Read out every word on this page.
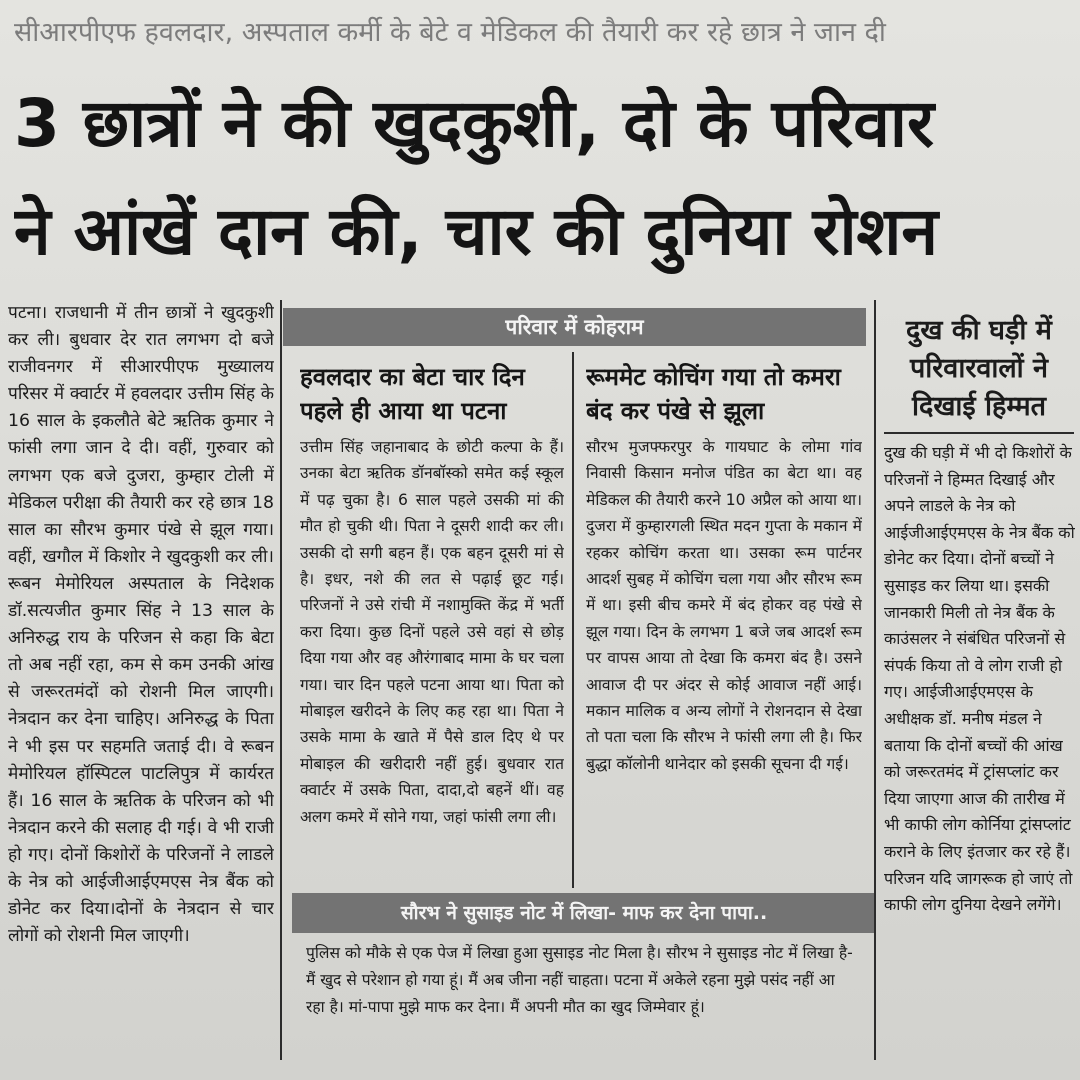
सीआरपीएफ हवलदार, अस्पताल कर्मी के बेटे व मेडिकल की तैयारी कर रहे छात्र ने जान दी
3 छात्रों ने की खुदकुशी, दो के परिवार
ने आंखें दान की, चार की दुनिया रोशन
पटना। राजधानी में तीन छात्रों ने खुदकुशी कर ली। बुधवार देर रात लगभग दो बजे राजीवनगर में सीआरपीएफ मुख्यालय परिसर में क्वार्टर में हवलदार उत्तीम सिंह के 16 साल के इकलौते बेटे ऋतिक कुमार ने फांसी लगा जान दे दी। वहीं, गुरुवार को लगभग एक बजे दुजरा, कुम्हार टोली में मेडिकल परीक्षा की तैयारी कर रहे छात्र 18 साल का सौरभ कुमार पंखे से झूल गया। वहीं, खगौल में किशोर ने खुदकुशी कर ली। रूबन मेमोरियल अस्पताल के निदेशक डॉ.सत्यजीत कुमार सिंह ने 13 साल के अनिरुद्ध राय के परिजन से कहा कि बेटा तो अब नहीं रहा, कम से कम उनकी आंख से जरूरतमंदों को रोशनी मिल जाएगी। नेत्रदान कर देना चाहिए। अनिरुद्ध के पिता ने भी इस पर सहमति जताई दी। वे रूबन मेमोरियल हॉस्पिटल पाटलिपुत्र में कार्यरत हैं। 16 साल के ऋतिक के परिजन को भी नेत्रदान करने की सलाह दी गई। वे भी राजी हो गए। दोनों किशोरों के परिजनों ने लाडले के नेत्र को आईजीआईएमएस नेत्र बैंक को डोनेट कर दिया।दोनों के नेत्रदान से चार लोगों को रोशनी मिल जाएगी।
परिवार में कोहराम
हवलदार का बेटा चार दिन पहले ही आया था पटना
उत्तीम सिंह जहानाबाद के छोटी कल्पा के हैं। उनका बेटा ऋतिक डॉनबॉस्को समेत कई स्कूल में पढ़ चुका है। 6 साल पहले उसकी मां की मौत हो चुकी थी। पिता ने दूसरी शादी कर ली। उसकी दो सगी बहन हैं। एक बहन दूसरी मां से है। इधर, नशे की लत से पढ़ाई छूट गई। परिजनों ने उसे रांची में नशामुक्ति केंद्र में भर्ती करा दिया। कुछ दिनों पहले उसे वहां से छोड़ दिया गया और वह औरंगाबाद मामा के घर चला गया। चार दिन पहले पटना आया था। पिता को मोबाइल खरीदने के लिए कह रहा था। पिता ने उसके मामा के खाते में पैसे डाल दिए थे पर मोबाइल की खरीदारी नहीं हुई। बुधवार रात क्वार्टर में उसके पिता, दादा,दो बहनें थीं। वह अलग कमरे में सोने गया, जहां फांसी लगा ली।
रूममेट कोचिंग गया तो कमरा बंद कर पंखे से झूला
सौरभ मुजफ्फरपुर के गायघाट के लोमा गांव निवासी किसान मनोज पंडित का बेटा था। वह मेडिकल की तैयारी करने 10 अप्रैल को आया था। दुजरा में कुम्हारगली स्थित मदन गुप्ता के मकान में रहकर कोचिंग करता था। उसका रूम पार्टनर आदर्श सुबह में कोचिंग चला गया और सौरभ रूम में था। इसी बीच कमरे में बंद होकर वह पंखे से झूल गया। दिन के लगभग 1 बजे जब आदर्श रूम पर वापस आया तो देखा कि कमरा बंद है। उसने आवाज दी पर अंदर से कोई आवाज नहीं आई। मकान मालिक व अन्य लोगों ने रोशनदान से देखा तो पता चला कि सौरभ ने फांसी लगा ली है। फिर बुद्धा कॉलोनी थानेदार को इसकी सूचना दी गई।
सौरभ ने सुसाइड नोट में लिखा- माफ कर देना पापा..
पुलिस को मौके से एक पेज में लिखा हुआ सुसाइड नोट मिला है। सौरभ ने सुसाइड नोट में लिखा है- मैं खुद से परेशान हो गया हूं। मैं अब जीना नहीं चाहता। पटना में अकेले रहना मुझे पसंद नहीं आ रहा है। मां-पापा मुझे माफ कर देना। मैं अपनी मौत का खुद जिम्मेवार हूं।
दुख की घड़ी में परिवारवालों ने दिखाई हिम्मत
दुख की घड़ी में भी दो किशोरों के परिजनों ने हिम्मत दिखाई और अपने लाडले के नेत्र को आईजीआईएमएस के नेत्र बैंक को डोनेट कर दिया। दोनों बच्चों ने सुसाइड कर लिया था। इसकी जानकारी मिली तो नेत्र बैंक के काउंसलर ने संबंधित परिजनों से संपर्क किया तो वे लोग राजी हो गए। आईजीआईएमएस के अधीक्षक डॉ. मनीष मंडल ने बताया कि दोनों बच्चों की आंख को जरूरतमंद में ट्रांसप्लांट कर दिया जाएगा आज की तारीख में भी काफी लोग कोर्निया ट्रांसप्लांट कराने के लिए इंतजार कर रहे हैं। परिजन यदि जागरूक हो जाएं तो काफी लोग दुनिया देखने लगेंगे।
